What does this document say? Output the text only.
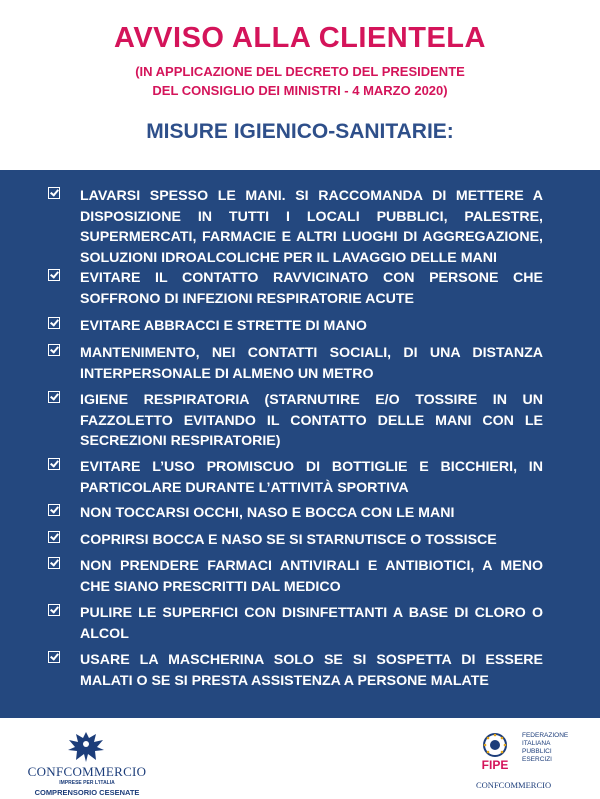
AVVISO ALLA CLIENTELA
(IN APPLICAZIONE DEL DECRETO DEL PRESIDENTE
DEL CONSIGLIO DEI MINISTRI - 4 MARZO 2020)
MISURE IGIENICO-SANITARIE:
LAVARSI SPESSO LE MANI. SI RACCOMANDA DI METTERE A DISPOSIZIONE IN TUTTI I LOCALI PUBBLICI, PALESTRE, SUPERMERCATI, FARMACIE E ALTRI LUOGHI DI AGGREGAZIONE, SOLUZIONI IDROALCOLICHE PER IL LAVAGGIO DELLE MANI
EVITARE IL CONTATTO RAVVICINATO CON PERSONE CHE SOFFRONO DI INFEZIONI RESPIRATORIE ACUTE
EVITARE ABBRACCI E STRETTE DI MANO
MANTENIMENTO, NEI CONTATTI SOCIALI, DI UNA DISTANZA INTERPERSONALE DI ALMENO UN METRO
IGIENE RESPIRATORIA (STARNUTIRE E/O TOSSIRE IN UN FAZZOLETTO EVITANDO IL CONTATTO DELLE MANI CON LE SECREZIONI RESPIRATORIE)
EVITARE L’USO PROMISCUO DI BOTTIGLIE E BICCHIERI, IN PARTICOLARE DURANTE L’ATTIVITÀ SPORTIVA
NON TOCCARSI OCCHI, NASO E BOCCA CON LE MANI
COPRIRSI BOCCA E NASO SE SI STARNUTISCE O TOSSISCE
NON PRENDERE FARMACI ANTIVIRALI E ANTIBIOTICI, A MENO CHE SIANO PRESCRITTI DAL MEDICO
PULIRE LE SUPERFICI CON DISINFETTANTI A BASE DI CLORO O ALCOL
USARE LA MASCHERINA SOLO SE SI SOSPETTA DI ESSERE MALATI O SE SI PRESTA ASSISTENZA A PERSONE MALATE
CONFCOMMERCIO
IMPRESE PER L’ITALIA
COMPRENSORIO CESENATE
FIPE
FEDERAZIONE
ITALIANA
PUBBLICI
ESERCIZI
CONFCOMMERCIO
